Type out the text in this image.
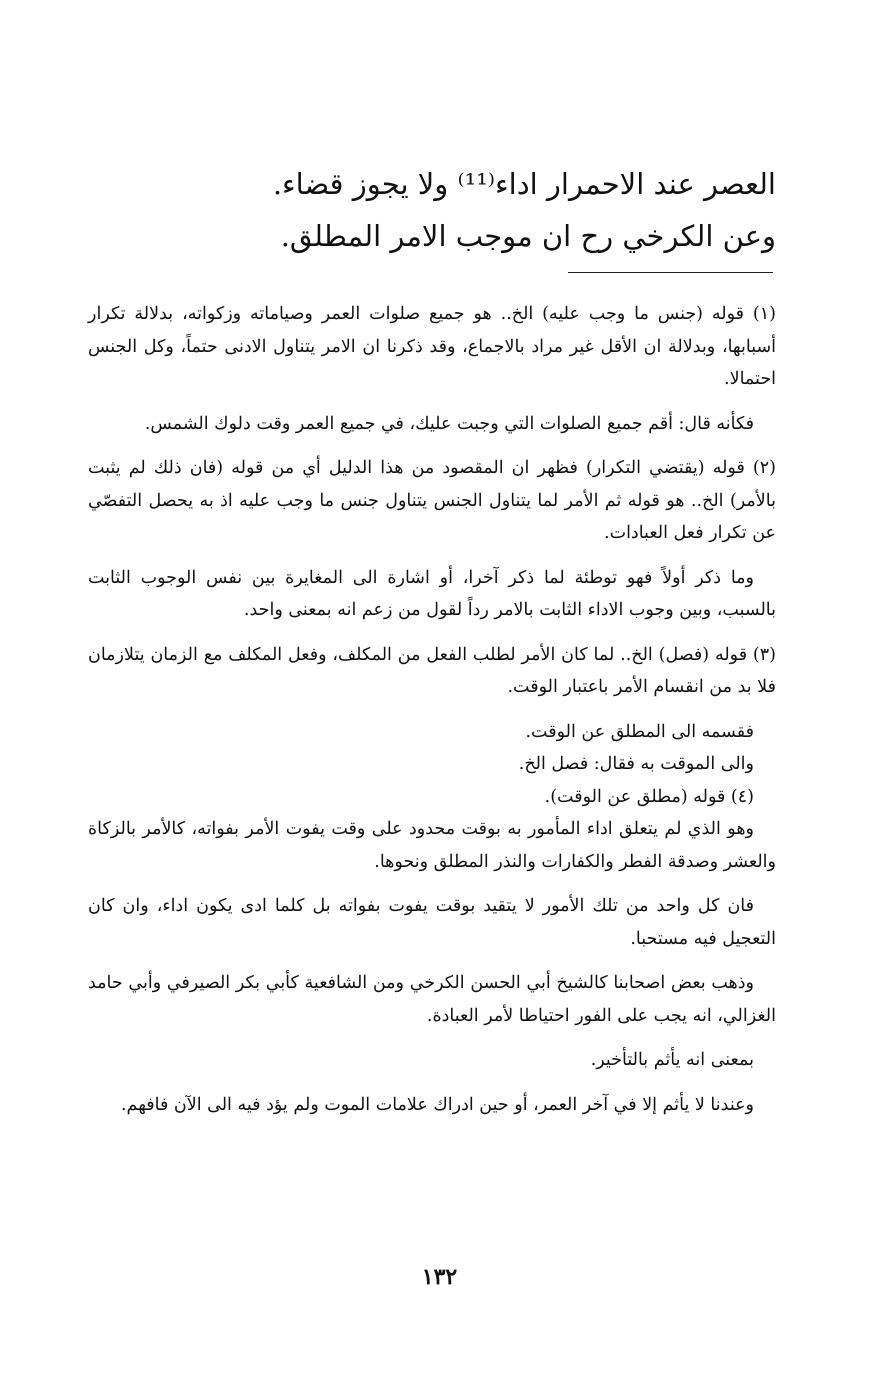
العصر عند الاحمرار اداء⁽¹¹⁾ ولا يجوز قضاء.
وعن الكرخي رح ان موجب الامر المطلق.

(١) قوله (جنس ما وجب عليه) الخ.. هو جميع صلوات العمر وصياماته وزكواته، بدلالة تكرار أسبابها، وبدلالة ان الأقل غير مراد بالاجماع، وقد ذكرنا ان الامر يتناول الادنى حتماً، وكل الجنس احتمالا.

فكأنه قال: أقم جميع الصلوات التي وجبت عليك، في جميع العمر وقت دلوك الشمس.

(٢) قوله (يقتضي التكرار) فظهر ان المقصود من هذا الدليل أي من قوله (فان ذلك لم يثبت بالأمر) الخ.. هو قوله ثم الأمر لما يتناول الجنس يتناول جنس ما وجب عليه اذ به يحصل التفصّي عن تكرار فعل العبادات.

وما ذكر أولاً فهو توطئة لما ذكر آخرا، أو اشارة الى المغايرة بين نفس الوجوب الثابت بالسبب، وبين وجوب الاداء الثابت بالامر رداً لقول من زعم انه بمعنى واحد.

(٣) قوله (فصل) الخ.. لما كان الأمر لطلب الفعل من المكلف، وفعل المكلف مع الزمان يتلازمان فلا بد من انقسام الأمر باعتبار الوقت.

فقسمه الى المطلق عن الوقت.

والى الموقت به فقال: فصل الخ.

(٤) قوله (مطلق عن الوقت).

وهو الذي لم يتعلق اداء المأمور به بوقت محدود على وقت يفوت الأمر بفواته، كالأمر بالزكاة والعشر وصدقة الفطر والكفارات والنذر المطلق ونحوها.

فان كل واحد من تلك الأمور لا يتقيد بوقت يفوت بفواته بل كلما ادى يكون اداء، وان كان التعجيل فيه مستحبا.

وذهب بعض اصحابنا كالشيخ أبي الحسن الكرخي ومن الشافعية كأبي بكر الصيرفي وأبي حامد الغزالي، انه يجب على الفور احتياطا لأمر العبادة.

بمعنى انه يأثم بالتأخير.

وعندنا لا يأثم إلا في آخر العمر، أو حين ادراك علامات الموت ولم يؤد فيه الى الآن فافهم.

١٣٢
